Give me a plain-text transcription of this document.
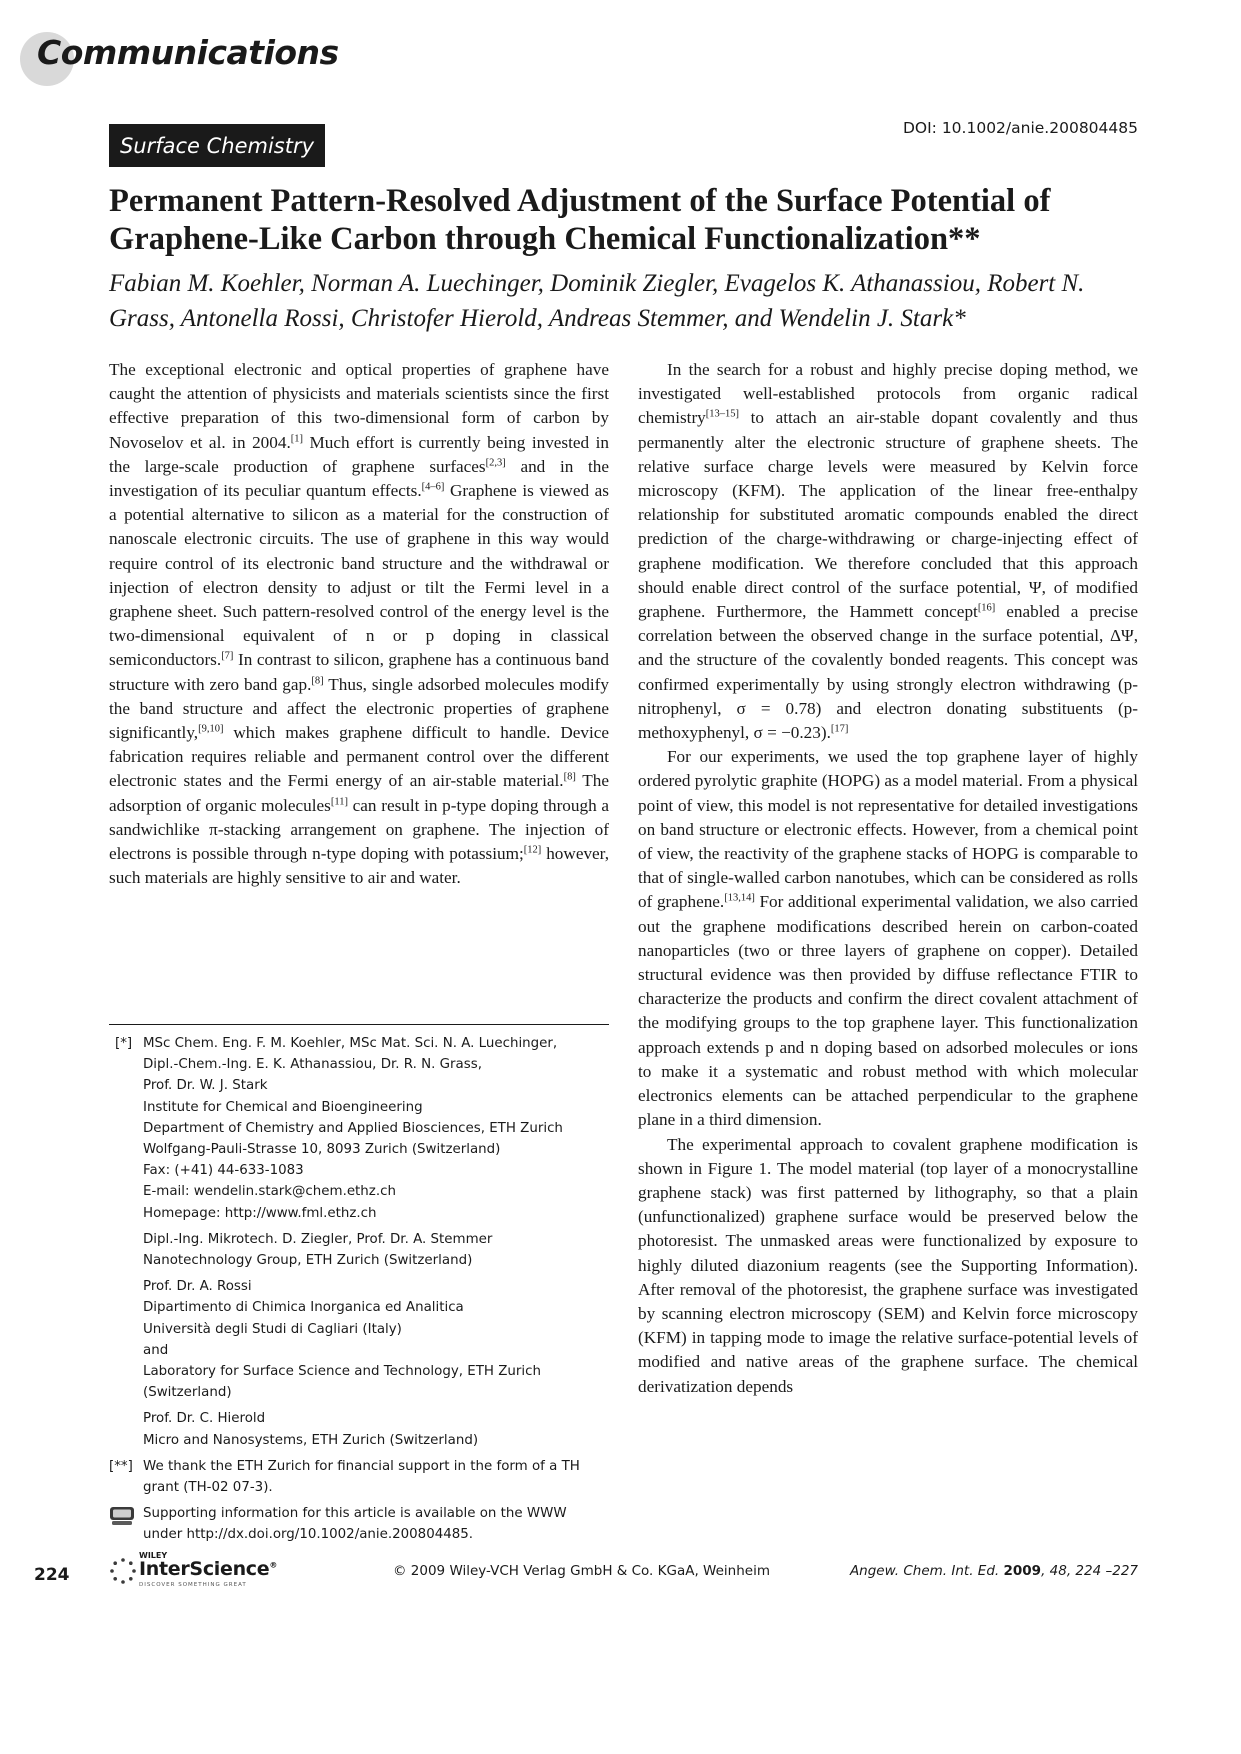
Communications
Surface Chemistry
DOI: 10.1002/anie.200804485
Permanent Pattern-Resolved Adjustment of the Surface Potential of Graphene-Like Carbon through Chemical Functionalization**
Fabian M. Koehler, Norman A. Luechinger, Dominik Ziegler, Evagelos K. Athanassiou, Robert N. Grass, Antonella Rossi, Christofer Hierold, Andreas Stemmer, and Wendelin J. Stark*

The exceptional electronic and optical properties of graphene have caught the attention of physicists and materials scientists since the first effective preparation of this two-dimensional form of carbon by Novoselov et al. in 2004.[1] Much effort is currently being invested in the large-scale production of graphene surfaces[2,3] and in the investigation of its peculiar quantum effects.[4–6] Graphene is viewed as a potential alternative to silicon as a material for the construction of nanoscale electronic circuits. The use of graphene in this way would require control of its electronic band structure and the withdrawal or injection of electron density to adjust or tilt the Fermi level in a graphene sheet. Such pattern-resolved control of the energy level is the two-dimensional equivalent of n or p doping in classical semiconductors.[7] In contrast to silicon, graphene has a continuous band structure with zero band gap.[8] Thus, single adsorbed molecules modify the band structure and affect the electronic properties of graphene significantly,[9,10] which makes graphene difficult to handle. Device fabrication requires reliable and permanent control over the different electronic states and the Fermi energy of an air-stable material.[8] The adsorption of organic molecules[11] can result in p-type doping through a sandwichlike π-stacking arrangement on graphene. The injection of electrons is possible through n-type doping with potassium;[12] however, such materials are highly sensitive to air and water.

[*] MSc Chem. Eng. F. M. Koehler, MSc Mat. Sci. N. A. Luechinger,
Dipl.-Chem.-Ing. E. K. Athanassiou, Dr. R. N. Grass,
Prof. Dr. W. J. Stark
Institute for Chemical and Bioengineering
Department of Chemistry and Applied Biosciences, ETH Zurich
Wolfgang-Pauli-Strasse 10, 8093 Zurich (Switzerland)
Fax: (+41) 44-633-1083
E-mail: wendelin.stark@chem.ethz.ch
Homepage: http://www.fml.ethz.ch
Dipl.-Ing. Mikrotech. D. Ziegler, Prof. Dr. A. Stemmer
Nanotechnology Group, ETH Zurich (Switzerland)
Prof. Dr. A. Rossi
Dipartimento di Chimica Inorganica ed Analitica
Università degli Studi di Cagliari (Italy)
and
Laboratory for Surface Science and Technology, ETH Zurich
(Switzerland)
Prof. Dr. C. Hierold
Micro and Nanosystems, ETH Zurich (Switzerland)
[**] We thank the ETH Zurich for financial support in the form of a TH
grant (TH-02 07-3).
Supporting information for this article is available on the WWW
under http://dx.doi.org/10.1002/anie.200804485.

In the search for a robust and highly precise doping method, we investigated well-established protocols from organic radical chemistry[13–15] to attach an air-stable dopant covalently and thus permanently alter the electronic structure of graphene sheets. The relative surface charge levels were measured by Kelvin force microscopy (KFM). The application of the linear free-enthalpy relationship for substituted aromatic compounds enabled the direct prediction of the charge-withdrawing or charge-injecting effect of graphene modification. We therefore concluded that this approach should enable direct control of the surface potential, Ψ, of modified graphene. Furthermore, the Hammett concept[16] enabled a precise correlation between the observed change in the surface potential, ΔΨ, and the structure of the covalently bonded reagents. This concept was confirmed experimentally by using strongly electron withdrawing (p-nitrophenyl, σ = 0.78) and electron donating substituents (p-methoxyphenyl, σ = −0.23).[17]

For our experiments, we used the top graphene layer of highly ordered pyrolytic graphite (HOPG) as a model material. From a physical point of view, this model is not representative for detailed investigations on band structure or electronic effects. However, from a chemical point of view, the reactivity of the graphene stacks of HOPG is comparable to that of single-walled carbon nanotubes, which can be considered as rolls of graphene.[13,14] For additional experimental validation, we also carried out the graphene modifications described herein on carbon-coated nanoparticles (two or three layers of graphene on copper). Detailed structural evidence was then provided by diffuse reflectance FTIR to characterize the products and confirm the direct covalent attachment of the modifying groups to the top graphene layer. This functionalization approach extends p and n doping based on adsorbed molecules or ions to make it a systematic and robust method with which molecular electronics elements can be attached perpendicular to the graphene plane in a third dimension.

The experimental approach to covalent graphene modification is shown in Figure 1. The model material (top layer of a monocrystalline graphene stack) was first patterned by lithography, so that a plain (unfunctionalized) graphene surface would be preserved below the photoresist. The unmasked areas were functionalized by exposure to highly diluted diazonium reagents (see the Supporting Information). After removal of the photoresist, the graphene surface was investigated by scanning electron microscopy (SEM) and Kelvin force microscopy (KFM) in tapping mode to image the relative surface-potential levels of modified and native areas of the graphene surface. The chemical derivatization depends

224
WILEY
InterScience®
DISCOVER SOMETHING GREAT
© 2009 Wiley-VCH Verlag GmbH & Co. KGaA, Weinheim	Angew. Chem. Int. Ed. 2009, 48, 224 –227
